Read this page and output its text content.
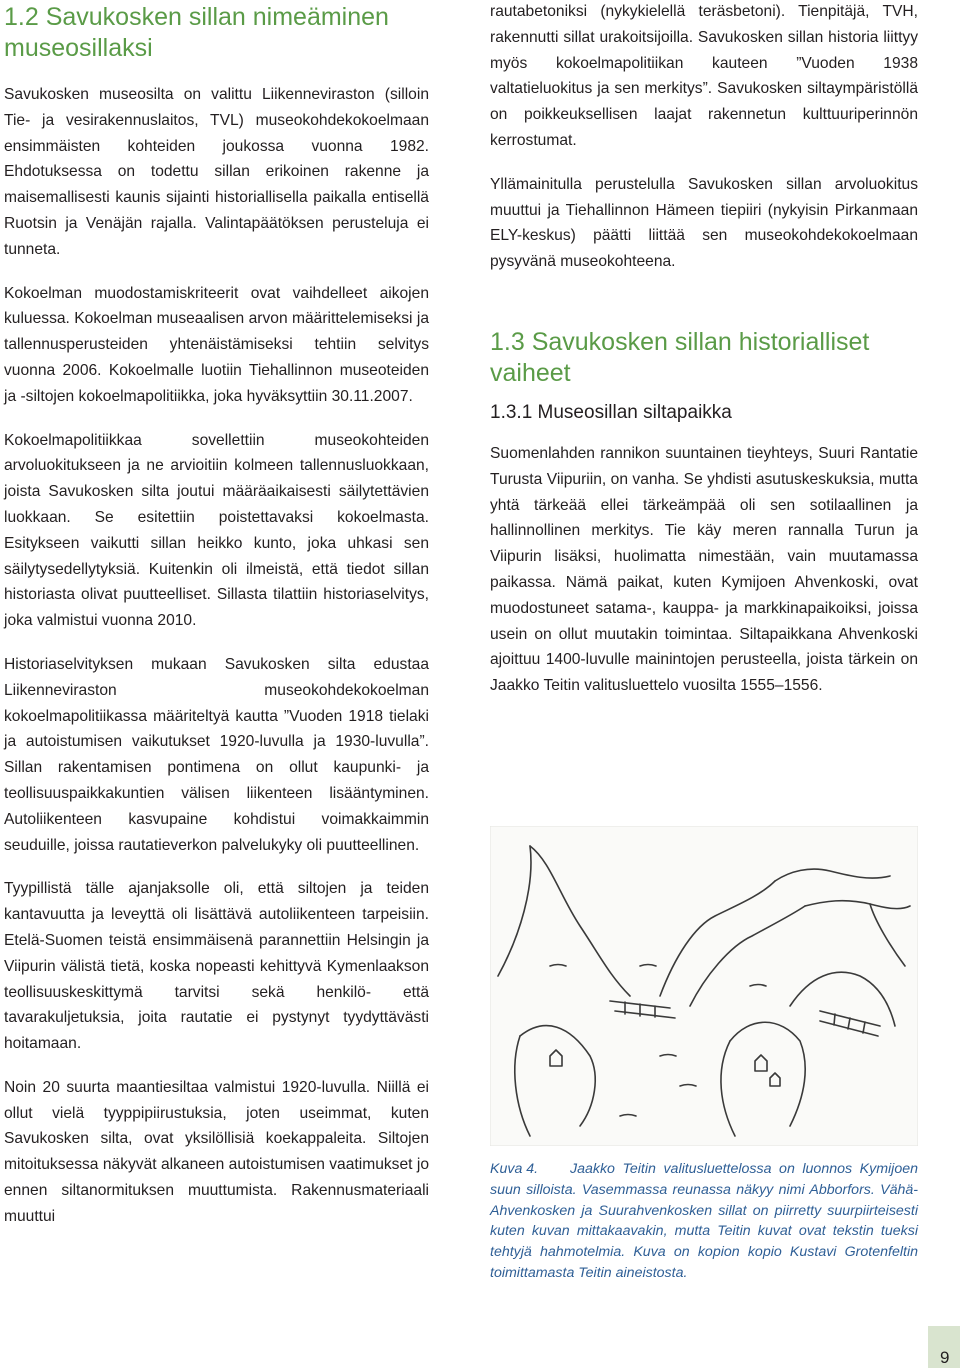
1.2 Savukosken sillan nimeäminen museosillaksi

Savukosken museosilta on valittu Liikenneviraston (silloin Tie- ja vesirakennuslaitos, TVL) museokohdekokoelmaan ensimmäisten kohteiden joukossa vuonna 1982. Ehdotuksessa on todettu sillan erikoinen rakenne ja maisemallisesti kaunis sijainti historiallisella paikalla entisellä Ruotsin ja Venäjän rajalla. Valintapäätöksen perusteluja ei tunneta.

Kokoelman muodostamiskriteerit ovat vaihdelleet aikojen kuluessa. Kokoelman museaalisen arvon määrittelemiseksi ja tallennusperusteiden yhtenäistämiseksi tehtiin selvitys vuonna 2006. Kokoelmalle luotiin Tiehallinnon museoteiden ja -siltojen kokoelmapolitiikka, joka hyväksyttiin 30.11.2007.

Kokoelmapolitiikkaa sovellettiin museokohteiden arvoluokitukseen ja ne arvioitiin kolmeen tallennusluokkaan, joista Savukosken silta joutui määräaikaisesti säilytettävien luokkaan. Se esitettiin poistettavaksi kokoelmasta. Esitykseen vaikutti sillan heikko kunto, joka uhkasi sen säilytysedellytyksiä. Kuitenkin oli ilmeistä, että tiedot sillan historiasta olivat puutteelliset. Sillasta tilattiin historiaselvitys, joka valmistui vuonna 2010.

Historiaselvityksen mukaan Savukosken silta edustaa Liikenneviraston museokohdekokoelman kokoelmapolitiikassa määriteltyä kautta ”Vuoden 1918 tielaki ja autoistumisen vaikutukset 1920-luvulla ja 1930-luvulla”. Sillan rakentamisen pontimena on ollut kaupunki- ja teollisuuspaikkakuntien välisen liikenteen lisääntyminen. Autoliikenteen kasvupaine kohdistui voimakkaimmin seuduille, joissa rautatieverkon palvelukyky oli puutteellinen.

Tyypillistä tälle ajanjaksolle oli, että siltojen ja teiden kantavuutta ja leveyttä oli lisättävä autoliikenteen tarpeisiin. Etelä-Suomen teistä ensimmäisenä parannettiin Helsingin ja Viipurin välistä tietä, koska nopeasti kehittyvä Kymenlaakson teollisuuskeskittymä tarvitsi sekä henkilö- että tavarakuljetuksia, joita rautatie ei pystynyt tyydyttävästi hoitamaan.

Noin 20 suurta maantiesiltaa valmistui 1920-luvulla. Niillä ei ollut vielä tyyppipiirustuksia, joten useimmat, kuten Savukosken silta, ovat yksilöllisiä koekappaleita. Siltojen mitoituksessa näkyvät alkaneen autoistumisen vaatimukset jo ennen siltanormituksen muuttumista. Rakennusmateriaali muuttui

rautabetoniksi (nykykielellä teräsbetoni). Tienpitäjä, TVH, rakennutti sillat urakoitsijoilla. Savukosken sillan historia liittyy myös kokoelmapolitiikan kauteen ”Vuoden 1938 valtatieluokitus ja sen merkitys”. Savukosken siltaympäristöllä on poikkeuksellisen laajat rakennetun kulttuuriperinnön kerrostumat.

Yllämainitulla perustelulla Savukosken sillan arvoluokitus muuttui ja Tiehallinnon Hämeen tiepiiri (nykyisin Pirkanmaan ELY-keskus) päätti liittää sen museokohdekokoelmaan pysyvänä museokohteena.

1.3 Savukosken sillan historialliset vaiheet
1.3.1 Museosillan siltapaikka

Suomenlahden rannikon suuntainen tieyhteys, Suuri Rantatie Turusta Viipuriin, on vanha. Se yhdisti asutuskeskuksia, mutta yhtä tärkeää ellei tärkeämpää oli sen sotilaallinen ja hallinnollinen merkitys. Tie käy meren rannalla Turun ja Viipurin lisäksi, huolimatta nimestään, vain muutamassa paikassa. Nämä paikat, kuten Kymijoen Ahvenkoski, ovat muodostuneet satama-, kauppa- ja markkinapaikoiksi, joissa usein on ollut muutakin toimintaa. Siltapaikkana Ahvenkoski ajoittuu 1400-luvulle mainintojen perusteella, joista tärkein on Jaakko Teitin valitusluettelo vuosilta 1555–1556.

Kuva 4. Jaakko Teitin valitusluettelossa on luonnos Kymijoen suun silloista. Vasemmassa reunassa näkyy nimi Abborfors. Vähä-Ahvenkosken ja Suurahvenkosken sillat on piirretty suurpiirteisesti kuten kuvan mittakaavakin, mutta Teitin kuvat ovat tekstin tueksi tehtyjä hahmotelmia. Kuva on kopion kopio Kustavi Grotenfeltin toimittamasta Teitin aineistosta.
9
